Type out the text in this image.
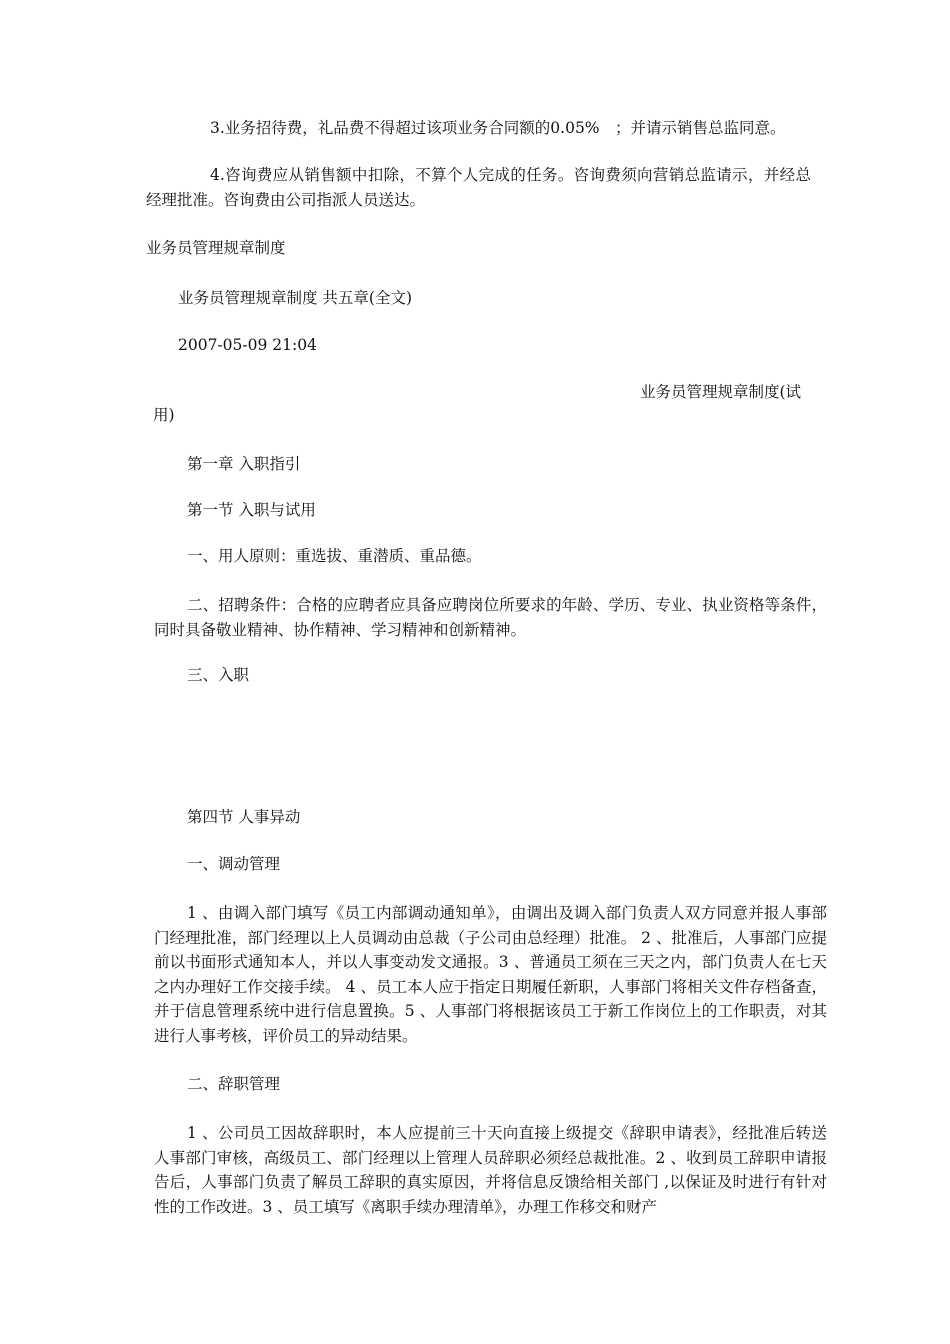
3.业务招待费，礼品费不得超过该项业务合同额的0.05%　；并请示销售总监同意。
4.咨询费应从销售额中扣除，不算个人完成的任务。咨询费须向营销总监请示，并经总经理批准。咨询费由公司指派人员送达。
业务员管理规章制度
业务员管理规章制度 共五章(全文)
2007-05-09 21:04
业务员管理规章制度(试
用)
第一章 入职指引
第一节 入职与试用
一、用人原则：重选拔、重潜质、重品德。
二、招聘条件：合格的应聘者应具备应聘岗位所要求的年龄、学历、专业、执业资格等条件，同时具备敬业精神、协作精神、学习精神和创新精神。
三、入职
第四节 人事异动
一、调动管理
1 、由调入部门填写《员工内部调动通知单》，由调出及调入部门负责人双方同意并报人事部门经理批准，部门经理以上人员调动由总裁（子公司由总经理）批准。 2 、批准后，人事部门应提前以书面形式通知本人，并以人事变动发文通报。3 、普通员工须在三天之内，部门负责人在七天之内办理好工作交接手续。 4 、员工本人应于指定日期履任新职，人事部门将相关文件存档备查，并于信息管理系统中进行信息置换。5 、人事部门将根据该员工于新工作岗位上的工作职责，对其进行人事考核，评价员工的异动结果。
二、辞职管理
1 、公司员工因故辞职时，本人应提前三十天向直接上级提交《辞职申请表》，经批准后转送人事部门审核，高级员工、部门经理以上管理人员辞职必须经总裁批准。2 、收到员工辞职申请报告后，人事部门负责了解员工辞职的真实原因，并将信息反馈给相关部门 ,以保证及时进行有针对性的工作改进。3 、员工填写《离职手续办理清单》，办理工作移交和财产
